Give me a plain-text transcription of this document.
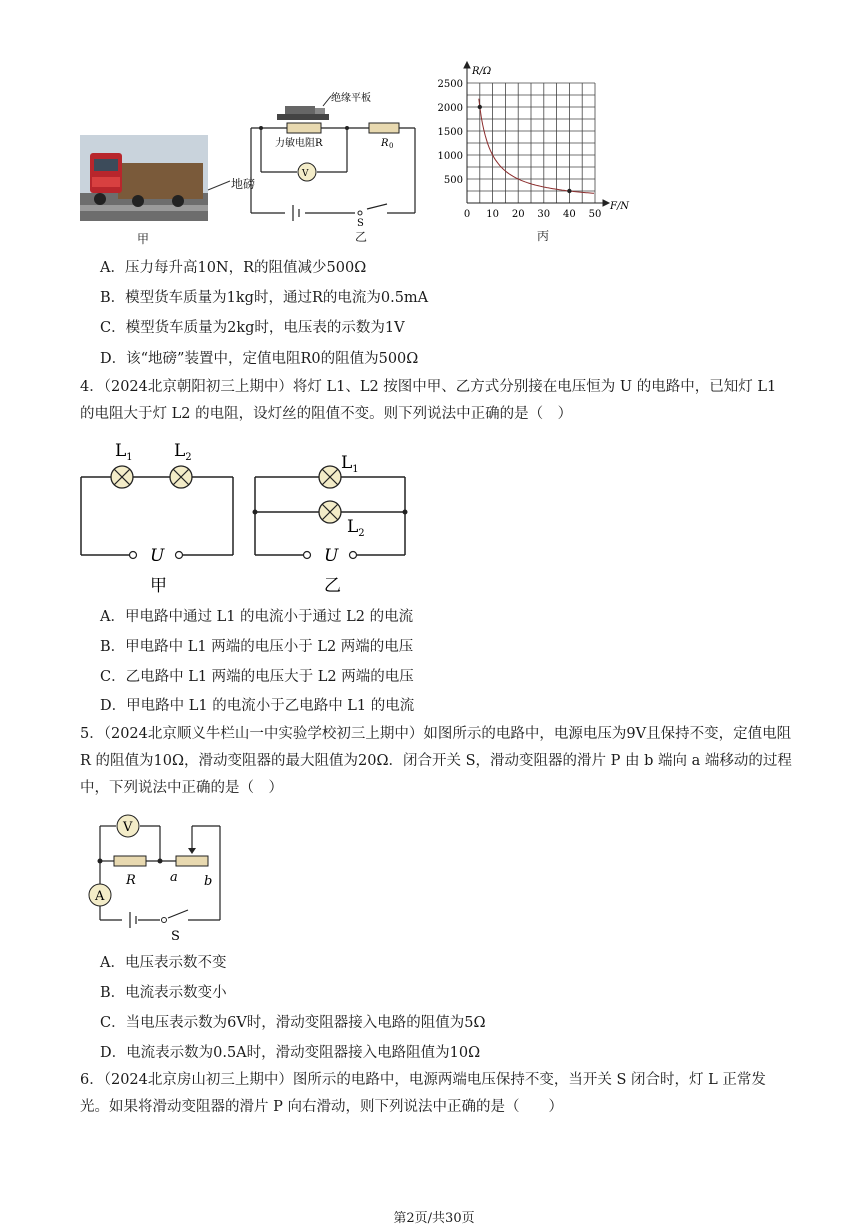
地磅
甲
V
绝缘平板
力敏电阻R	R 0
S
乙
500
1000
1500
2000
2500
0 10 20 30 40 50
R/Ω
F/N
丙
A．压力每升高10N，R的阻值减少500Ω
B．模型货车质量为1kg时，通过R的电流为0.5mA
C．模型货车质量为2kg时，电压表的示数为1V
D．该“地磅”装置中，定值电阻R0的阻值为500Ω
4．（2024北京朝阳初三上期中）将灯 L1、L2 按图中甲、乙方式分别接在电压恒为 U 的电路中，已知灯 L1 的电阻大于灯 L2 的电阻，设灯丝的阻值不变。则下列说法中正确的是（　）
$L_1$ $L_2$	$L_1$
$L_2$
U	U
甲	乙
A．甲电路中通过 L1 的电流小于通过 L2 的电流
B．甲电路中 L1 两端的电压小于 L2 两端的电压
C．乙电路中 L1 两端的电压大于 L2 两端的电压
D．甲电路中 L1 的电流小于乙电路中 L1 的电流
5．（2024北京顺义牛栏山一中实验学校初三上期中）如图所示的电路中，电源电压为9V且保持不变，定值电阻 R 的阻值为10Ω，滑动变阻器的最大阻值为20Ω．闭合开关 S，滑动变阻器的滑片 P 由 b 端向 a 端移动的过程中，下列说法中正确的是（　）
V
A
R	a b
S
A．电压表示数不变
B．电流表示数变小
C．当电压表示数为6V时，滑动变阻器接入电路的阻值为5Ω
D．电流表示数为0.5A时，滑动变阻器接入电路阻值为10Ω
6．（2024北京房山初三上期中）图所示的电路中，电源两端电压保持不变，当开关 S 闭合时，灯 L 正常发光。如果将滑动变阻器的滑片 P 向右滑动，则下列说法中正确的是（　　）
第2页/共30页
